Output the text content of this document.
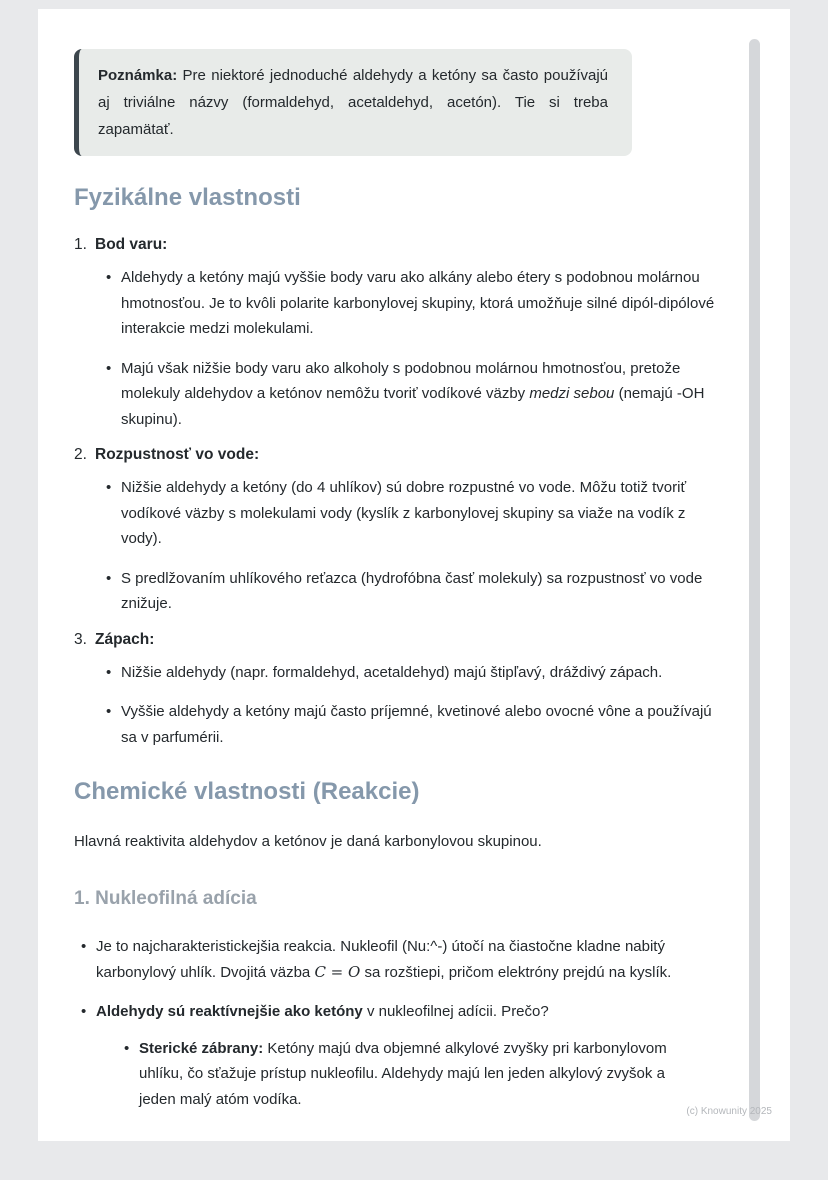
Poznámka: Pre niektoré jednoduché aldehydy a ketóny sa často používajú aj triviálne názvy (formaldehyd, acetaldehyd, acetón). Tie si treba zapamätať.

Fyzikálne vlastnosti
1. Bod varu:
• Aldehydy a ketóny majú vyššie body varu ako alkány alebo étery s podobnou molárnou hmotnosťou. Je to kvôli polarite karbonylovej skupiny, ktorá umožňuje silné dipól-dipólové interakcie medzi molekulami.
• Majú však nižšie body varu ako alkoholy s podobnou molárnou hmotnosťou, pretože molekuly aldehydov a ketónov nemôžu tvoriť vodíkové väzby medzi sebou (nemajú -OH skupinu).
2. Rozpustnosť vo vode:
• Nižšie aldehydy a ketóny (do 4 uhlíkov) sú dobre rozpustné vo vode. Môžu totiž tvoriť vodíkové väzby s molekulami vody (kyslík z karbonylovej skupiny sa viaže na vodík z vody).
• S predlžovaním uhlíkového reťazca (hydrofóbna časť molekuly) sa rozpustnosť vo vode znižuje.
3. Zápach:
• Nižšie aldehydy (napr. formaldehyd, acetaldehyd) majú štipľavý, dráždivý zápach.
• Vyššie aldehydy a ketóny majú často príjemné, kvetinové alebo ovocné vône a používajú sa v parfumérii.
Chemické vlastnosti (Reakcie)

Hlavná reaktivita aldehydov a ketónov je daná karbonylovou skupinou.

1. Nukleofilná adícia
• Je to najcharakteristickejšia reakcia. Nukleofil (Nu:^-) útočí na čiastočne kladne nabitý karbonylový uhlík. Dvojitá väzba C = O sa rozštiepi, pričom elektróny prejdú na kyslík.
• Aldehydy sú reaktívnejšie ako ketóny v nukleofilnej adícii. Prečo?
• Sterické zábrany: Ketóny majú dva objemné alkylové zvyšky pri karbonylovom uhlíku, čo sťažuje prístup nukleofilu. Aldehydy majú len jeden alkylový zvyšok a jeden malý atóm vodíka.
(c) Knowunity 2025
